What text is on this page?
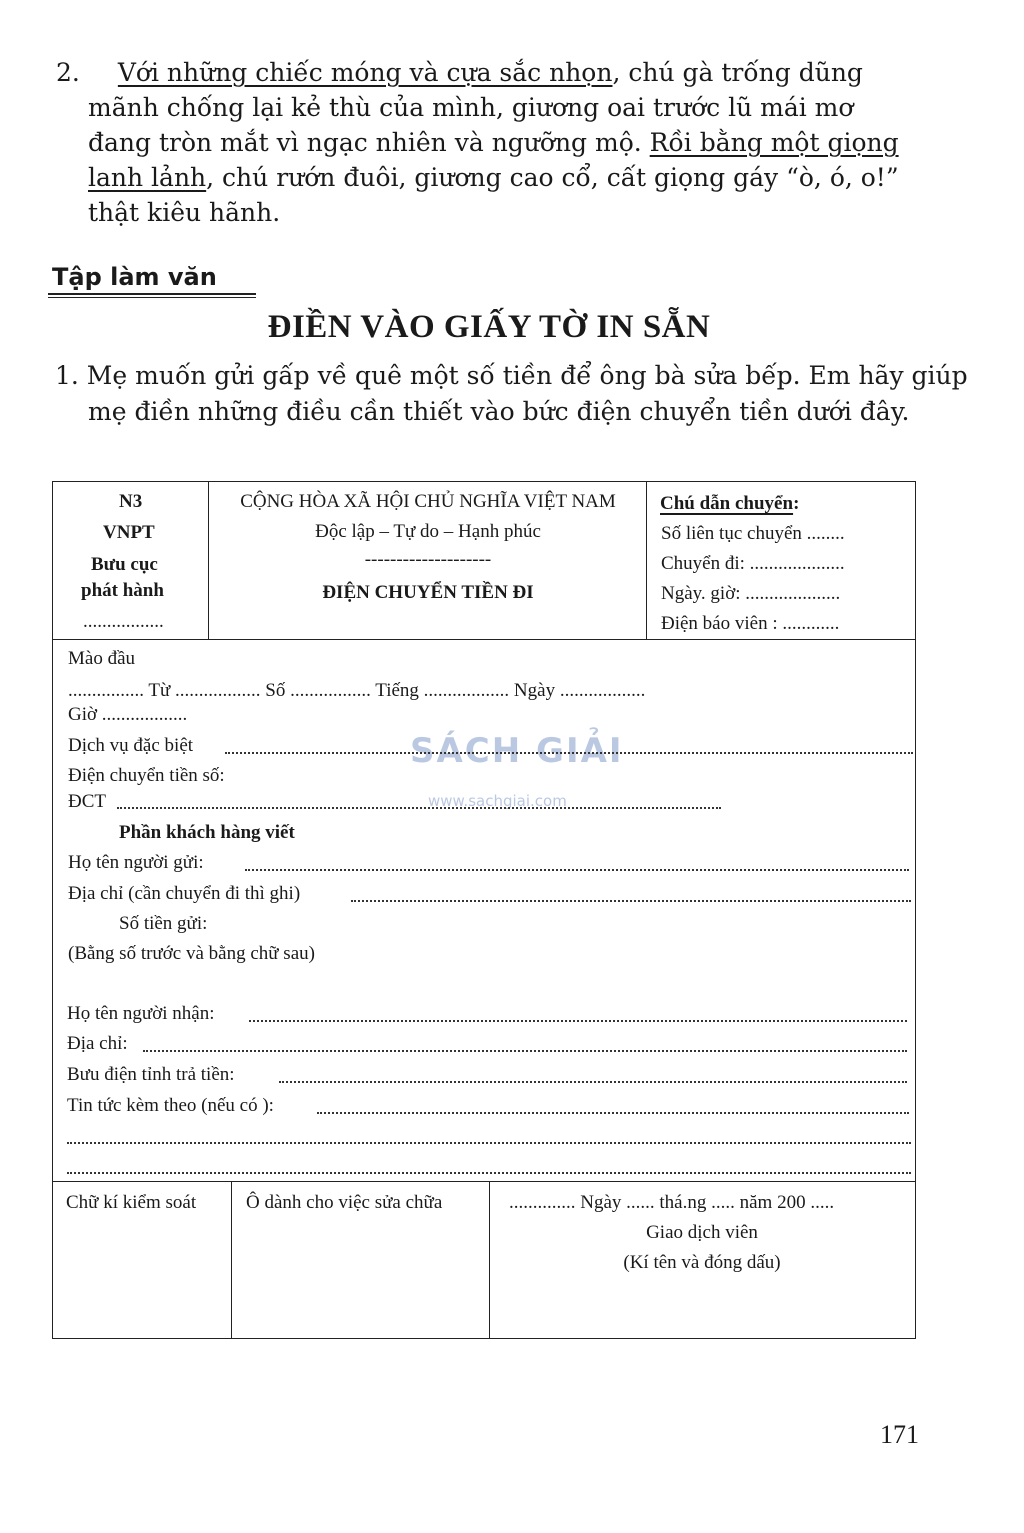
2. Với những chiếc móng và cựa sắc nhọn, chú gà trống dũng
mãnh chống lại kẻ thù của mình, giương oai trước lũ mái mơ
đang tròn mắt vì ngạc nhiên và ngưỡng mộ. Rồi bằng một giọng
lanh lảnh, chú rướn đuôi, giương cao cổ, cất giọng gáy “ò, ó, o!”
thật kiêu hãnh.
Tập làm văn
ĐIỀN VÀO GIẤY TỜ IN SẴN
1. Mẹ muốn gửi gấp về quê một số tiền để ông bà sửa bếp. Em hãy giúp
mẹ điền những điều cần thiết vào bức điện chuyển tiền dưới đây.
SÁCH GIẢI
www.sachgiai.com
N3
VNPT
Bưu cục
phát hành
.................
CỘNG HÒA XÃ HỘI CHỦ NGHĨA VIỆT NAM
Độc lập – Tự do – Hạnh phúc
--------------------
ĐIỆN CHUYỂN TIỀN ĐI
Chú dẫn chuyển:
Số liên tục chuyển ........
Chuyển đi: ....................
Ngày. giờ: ....................
Điện báo viên : ............
Mào đầu
................ Từ .................. Số ................. Tiếng .................. Ngày ..................
Giờ ..................
Dịch vụ đặc biệt
Điện chuyển tiền số:
ĐCT
Phần khách hàng viết
Họ tên người gửi:
Địa chỉ (cần chuyển đi thì ghi)
Số tiền gửi:
(Bằng số trước và bằng chữ sau)
Họ tên người nhận:
Địa chỉ:
Bưu điện tỉnh trả tiền:
Tin tức kèm theo (nếu có ):
Chữ kí kiểm soát	Ô dành cho việc sửa chữa	.............. Ngày ...... thá.ng ..... năm 200 .....
Giao dịch viên
(Kí tên và đóng dấu)
171
